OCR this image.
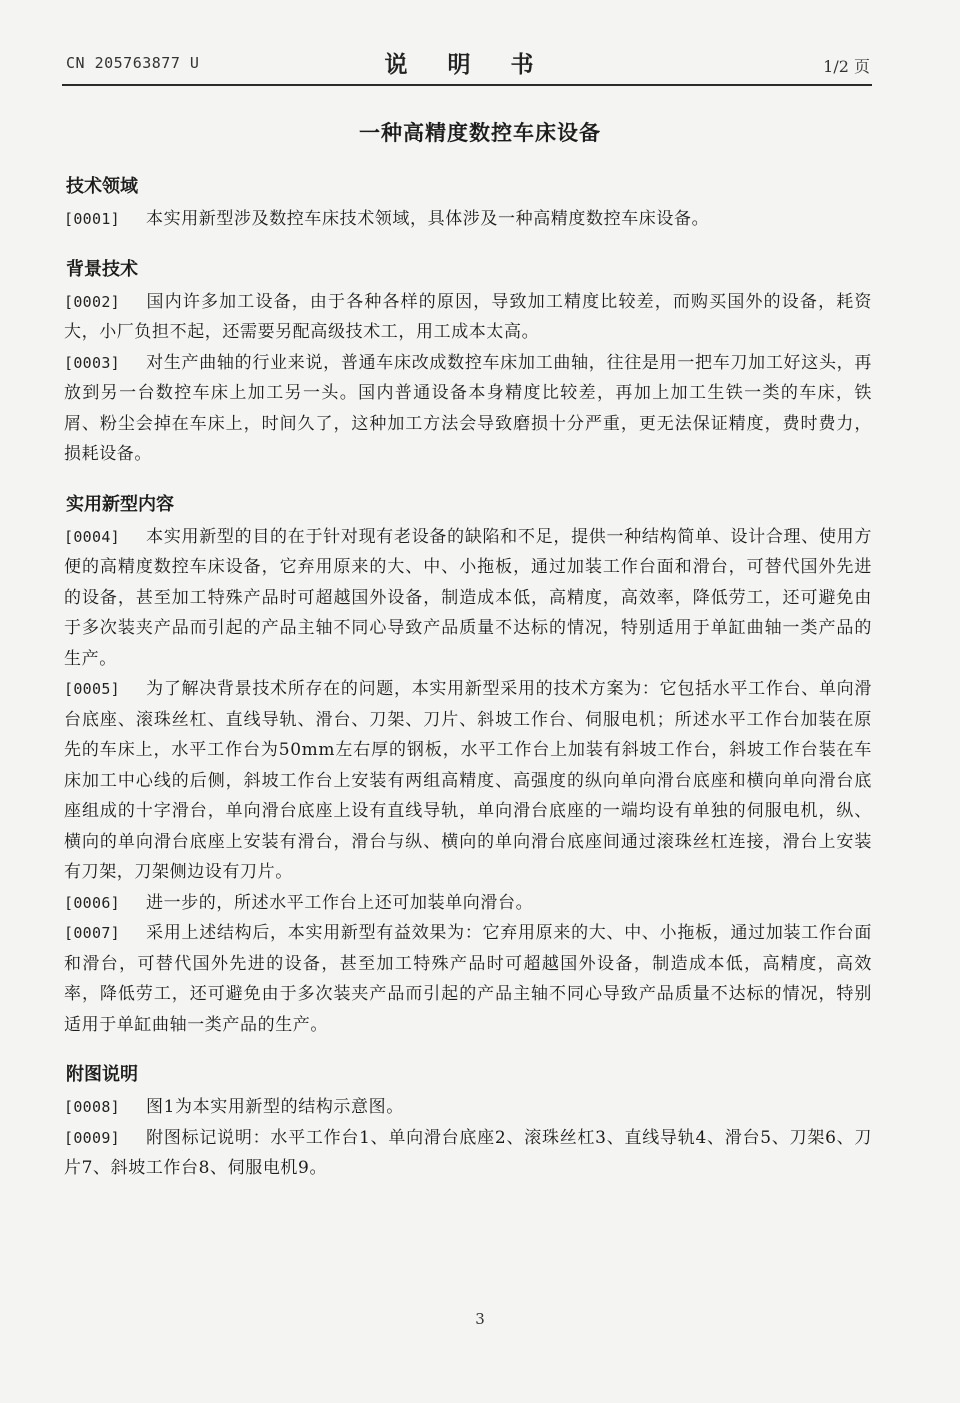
CN 205763877 U	说 明 书	1/2 页
一种高精度数控车床设备
技术领域

[0001] 本实用新型涉及数控车床技术领域，具体涉及一种高精度数控车床设备。

背景技术

[0002] 国内许多加工设备，由于各种各样的原因，导致加工精度比较差，而购买国外的设备，耗资大，小厂负担不起，还需要另配高级技术工，用工成本太高。

[0003] 对生产曲轴的行业来说，普通车床改成数控车床加工曲轴，往往是用一把车刀加工好这头，再放到另一台数控车床上加工另一头。国内普通设备本身精度比较差，再加上加工生铁一类的车床，铁屑、粉尘会掉在车床上，时间久了，这种加工方法会导致磨损十分严重，更无法保证精度，费时费力，损耗设备。

实用新型内容

[0004] 本实用新型的目的在于针对现有老设备的缺陷和不足，提供一种结构简单、设计合理、使用方便的高精度数控车床设备，它弃用原来的大、中、小拖板，通过加装工作台面和滑台，可替代国外先进的设备，甚至加工特殊产品时可超越国外设备，制造成本低，高精度，高效率，降低劳工，还可避免由于多次装夹产品而引起的产品主轴不同心导致产品质量不达标的情况，特别适用于单缸曲轴一类产品的生产。

[0005] 为了解决背景技术所存在的问题，本实用新型采用的技术方案为：它包括水平工作台、单向滑台底座、滚珠丝杠、直线导轨、滑台、刀架、刀片、斜坡工作台、伺服电机；所述水平工作台加装在原先的车床上，水平工作台为50mm左右厚的钢板，水平工作台上加装有斜坡工作台，斜坡工作台装在车床加工中心线的后侧，斜坡工作台上安装有两组高精度、高强度的纵向单向滑台底座和横向单向滑台底座组成的十字滑台，单向滑台底座上设有直线导轨，单向滑台底座的一端均设有单独的伺服电机，纵、横向的单向滑台底座上安装有滑台，滑台与纵、横向的单向滑台底座间通过滚珠丝杠连接，滑台上安装有刀架，刀架侧边设有刀片。

[0006] 进一步的，所述水平工作台上还可加装单向滑台。

[0007] 采用上述结构后，本实用新型有益效果为：它弃用原来的大、中、小拖板，通过加装工作台面和滑台，可替代国外先进的设备，甚至加工特殊产品时可超越国外设备，制造成本低，高精度，高效率，降低劳工，还可避免由于多次装夹产品而引起的产品主轴不同心导致产品质量不达标的情况，特别适用于单缸曲轴一类产品的生产。

附图说明

[0008] 图1为本实用新型的结构示意图。

[0009] 附图标记说明：水平工作台1、单向滑台底座2、滚珠丝杠3、直线导轨4、滑台5、刀架6、刀片7、斜坡工作台8、伺服电机9。

3
